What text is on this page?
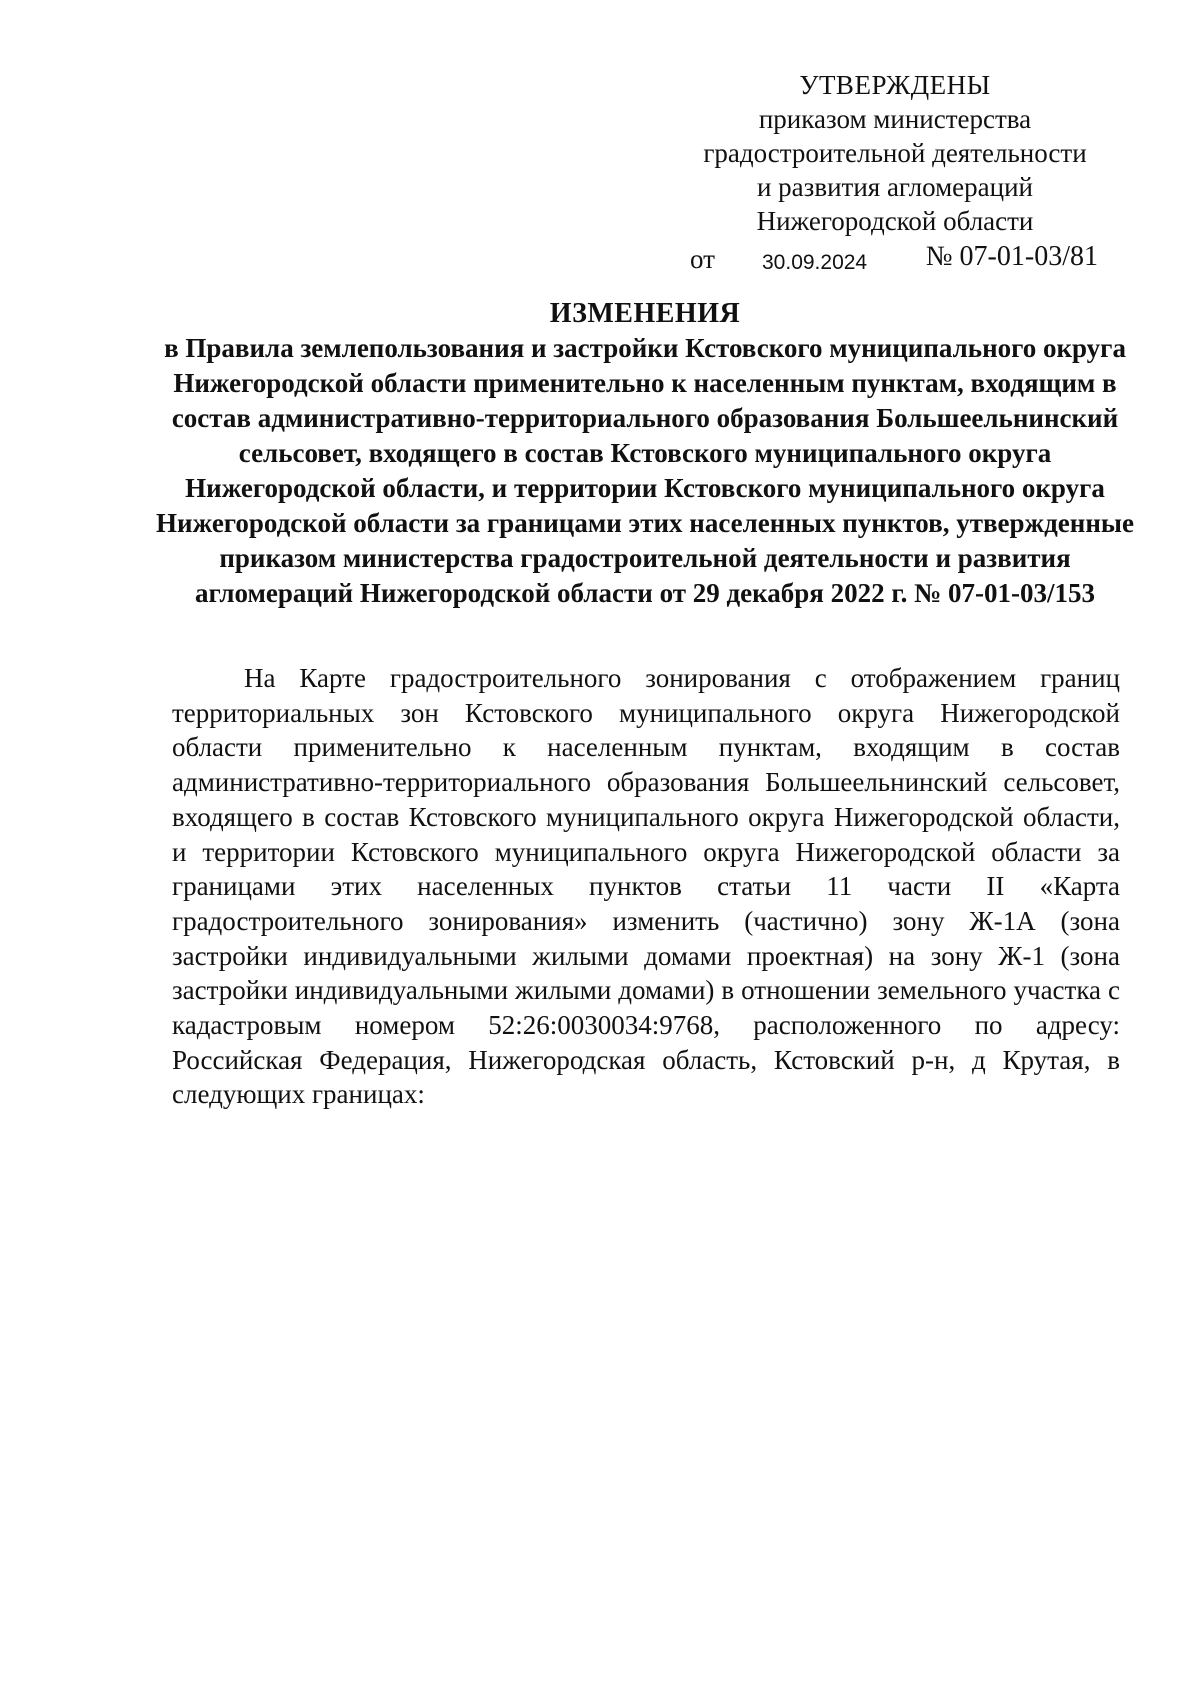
УТВЕРЖДЕНЫ
приказом министерства
градостроительной деятельности
и развития агломераций
Нижегородской области
от 30.09.2024 № 07-01-03/81
ИЗМЕНЕНИЯ
в Правила землепользования и застройки Кстовского муниципального округа Нижегородской области применительно к населенным пунктам, входящим в состав административно-территориального образования Большеельнинский сельсовет, входящего в состав Кстовского муниципального округа Нижегородской области, и территории Кстовского муниципального округа Нижегородской области за границами этих населенных пунктов, утвержденные приказом министерства градостроительной деятельности и развития агломераций Нижегородской области от 29 декабря 2022 г. № 07-01-03/153
На Карте градостроительного зонирования с отображением границ территориальных зон Кстовского муниципального округа Нижегородской области применительно к населенным пунктам, входящим в состав административно-территориального образования Большеельнинский сельсовет, входящего в состав Кстовского муниципального округа Нижегородской области, и территории Кстовского муниципального округа Нижегородской области за границами этих населенных пунктов статьи 11 части II «Карта градостроительного зонирования» изменить (частично) зону Ж-1А (зона застройки индивидуальными жилыми домами проектная) на зону Ж-1 (зона застройки индивидуальными жилыми домами) в отношении земельного участка с кадастровым номером 52:26:0030034:9768, расположенного по адресу: Российская Федерация, Нижегородская область, Кстовский р-н, д Крутая, в следующих границах:
